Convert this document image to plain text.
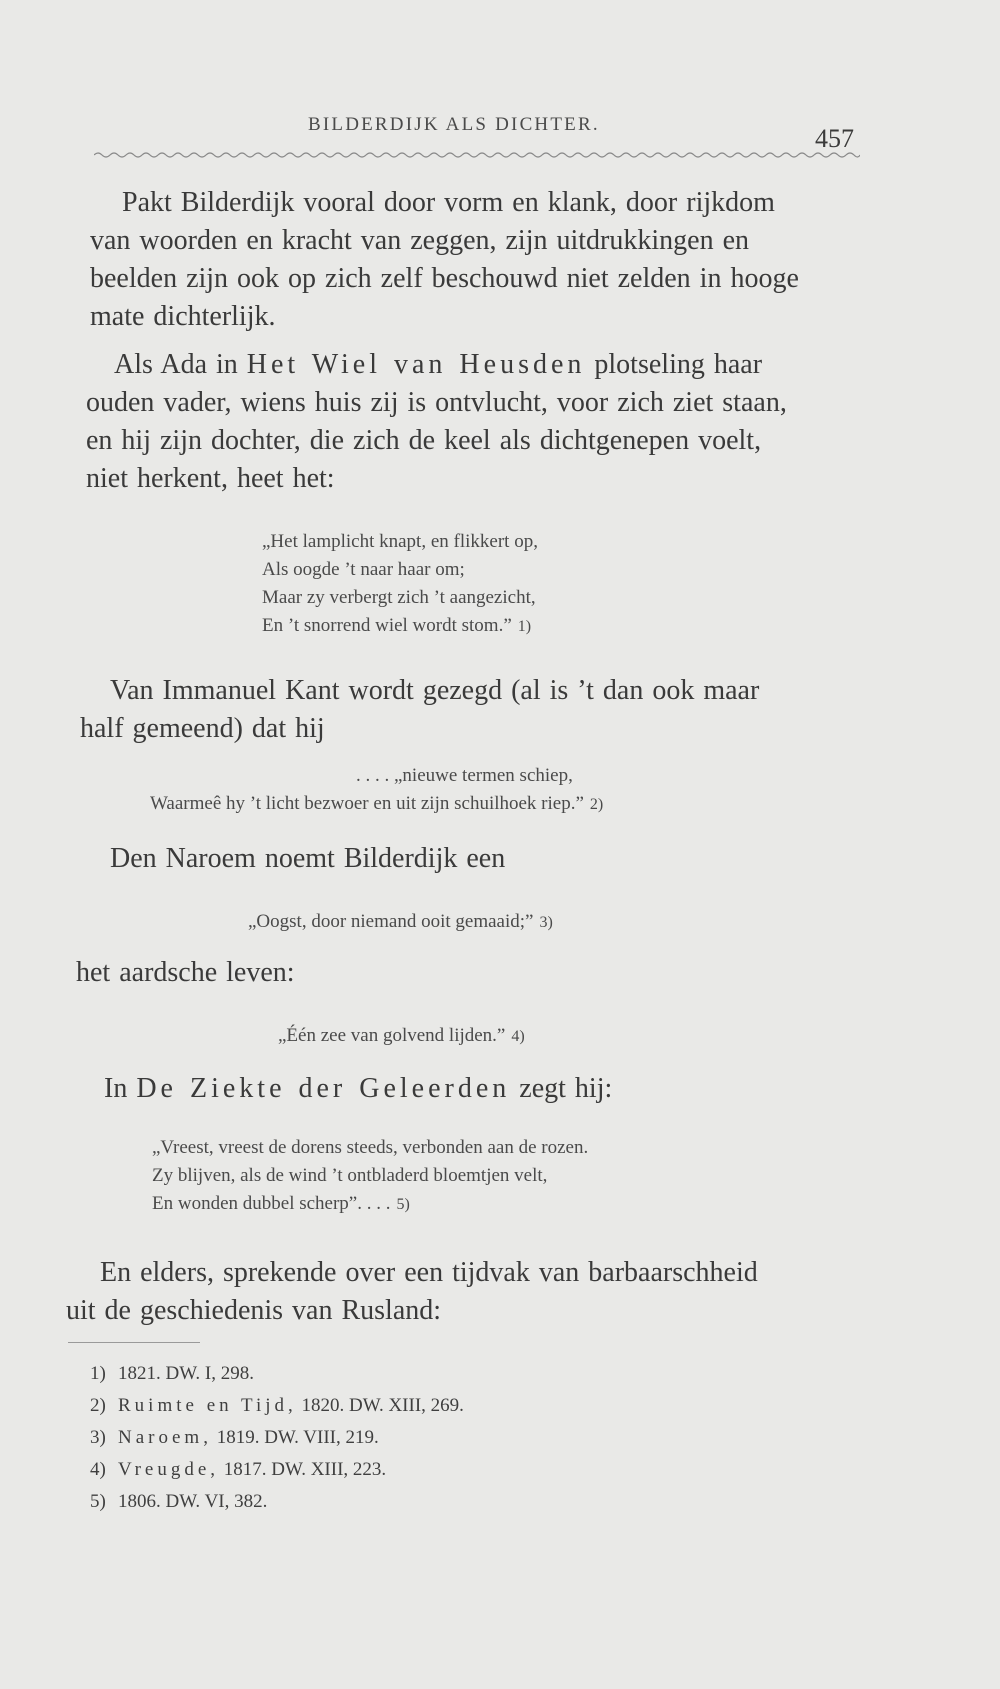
BILDERDIJK ALS DICHTER.	457
Pakt Bilderdijk vooral door vorm en klank, door rijkdom
van woorden en kracht van zeggen, zijn uitdrukkingen en
beelden zijn ook op zich zelf beschouwd niet zelden in hooge
mate dichterlijk.
Als Ada in Het Wiel van Heusden plotseling haar
ouden vader, wiens huis zij is ontvlucht, voor zich ziet staan,
en hij zijn dochter, die zich de keel als dichtgenepen voelt,
niet herkent, heet het:
„Het lamplicht knapt, en flikkert op,
Als oogde ’t naar haar om;
Maar zy verbergt zich ’t aangezicht,
En ’t snorrend wiel wordt stom.” 1)
Van Immanuel Kant wordt gezegd (al is ’t dan ook maar
half gemeend) dat hij
. . . . „nieuwe termen schiep,
Waarmeê hy ’t licht bezwoer en uit zijn schuilhoek riep.” 2)
Den Naroem noemt Bilderdijk een
„Oogst, door niemand ooit gemaaid;” 3)
het aardsche leven:
„Één zee van golvend lijden.” 4)
In De Ziekte der Geleerden zegt hij:
„Vreest, vreest de dorens steeds, verbonden aan de rozen.
Zy blijven, als de wind ’t ontbladerd bloemtjen velt,
En wonden dubbel scherp”. . . . 5)
En elders, sprekende over een tijdvak van barbaarschheid
uit de geschiedenis van Rusland:
1) 1821. DW. I, 298.
2) Ruimte en Tijd, 1820. DW. XIII, 269.
3) Naroem, 1819. DW. VIII, 219.
4) Vreugde, 1817. DW. XIII, 223.
5) 1806. DW. VI, 382.
